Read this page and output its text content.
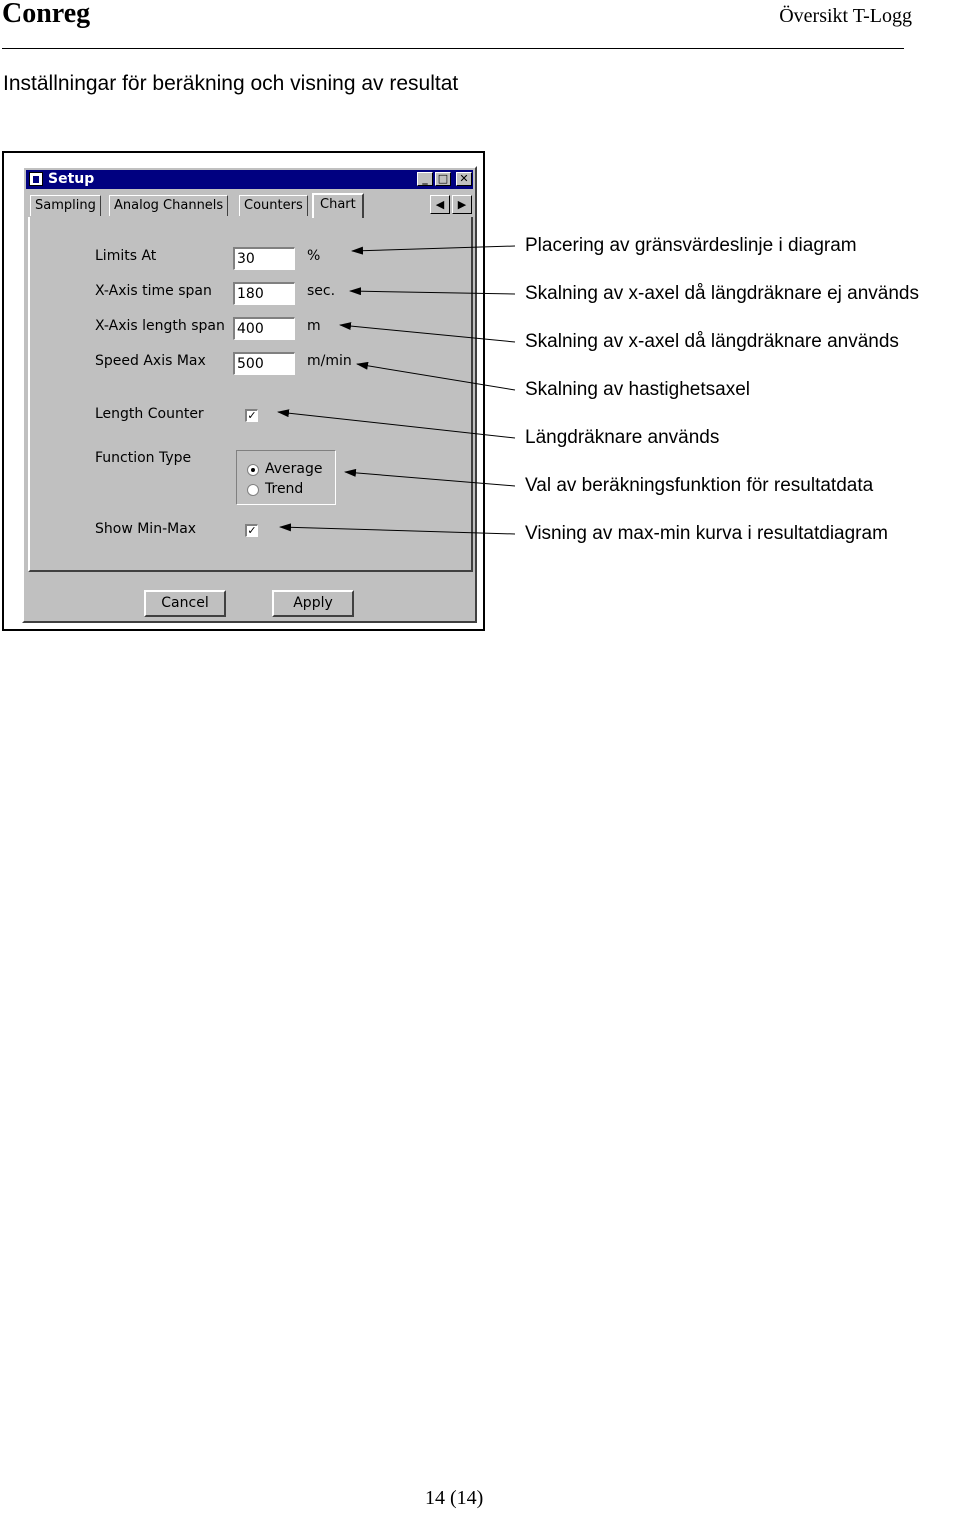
Conreg	Översikt T-Logg
Inställningar för beräkning och visning av resultat
Setup	_ □	✕
Sampling	Analog Channels	Counters	Chart	◀	▶
Limits At	30	%
X-Axis time span 180	sec.
X-Axis length span 400	m
Speed Axis Max 500	m/min
Length Counter	✓
Function Type
Average
Trend
Show Min-Max	✓
Cancel	Apply
Placering av gränsvärdeslinje i diagram
Skalning av x-axel då längdräknare ej används
Skalning av x-axel då längdräknare används
Skalning av hastighetsaxel
Längdräknare används
Val av beräkningsfunktion för resultatdata
Visning av max-min kurva i resultatdiagram
14 (14)
